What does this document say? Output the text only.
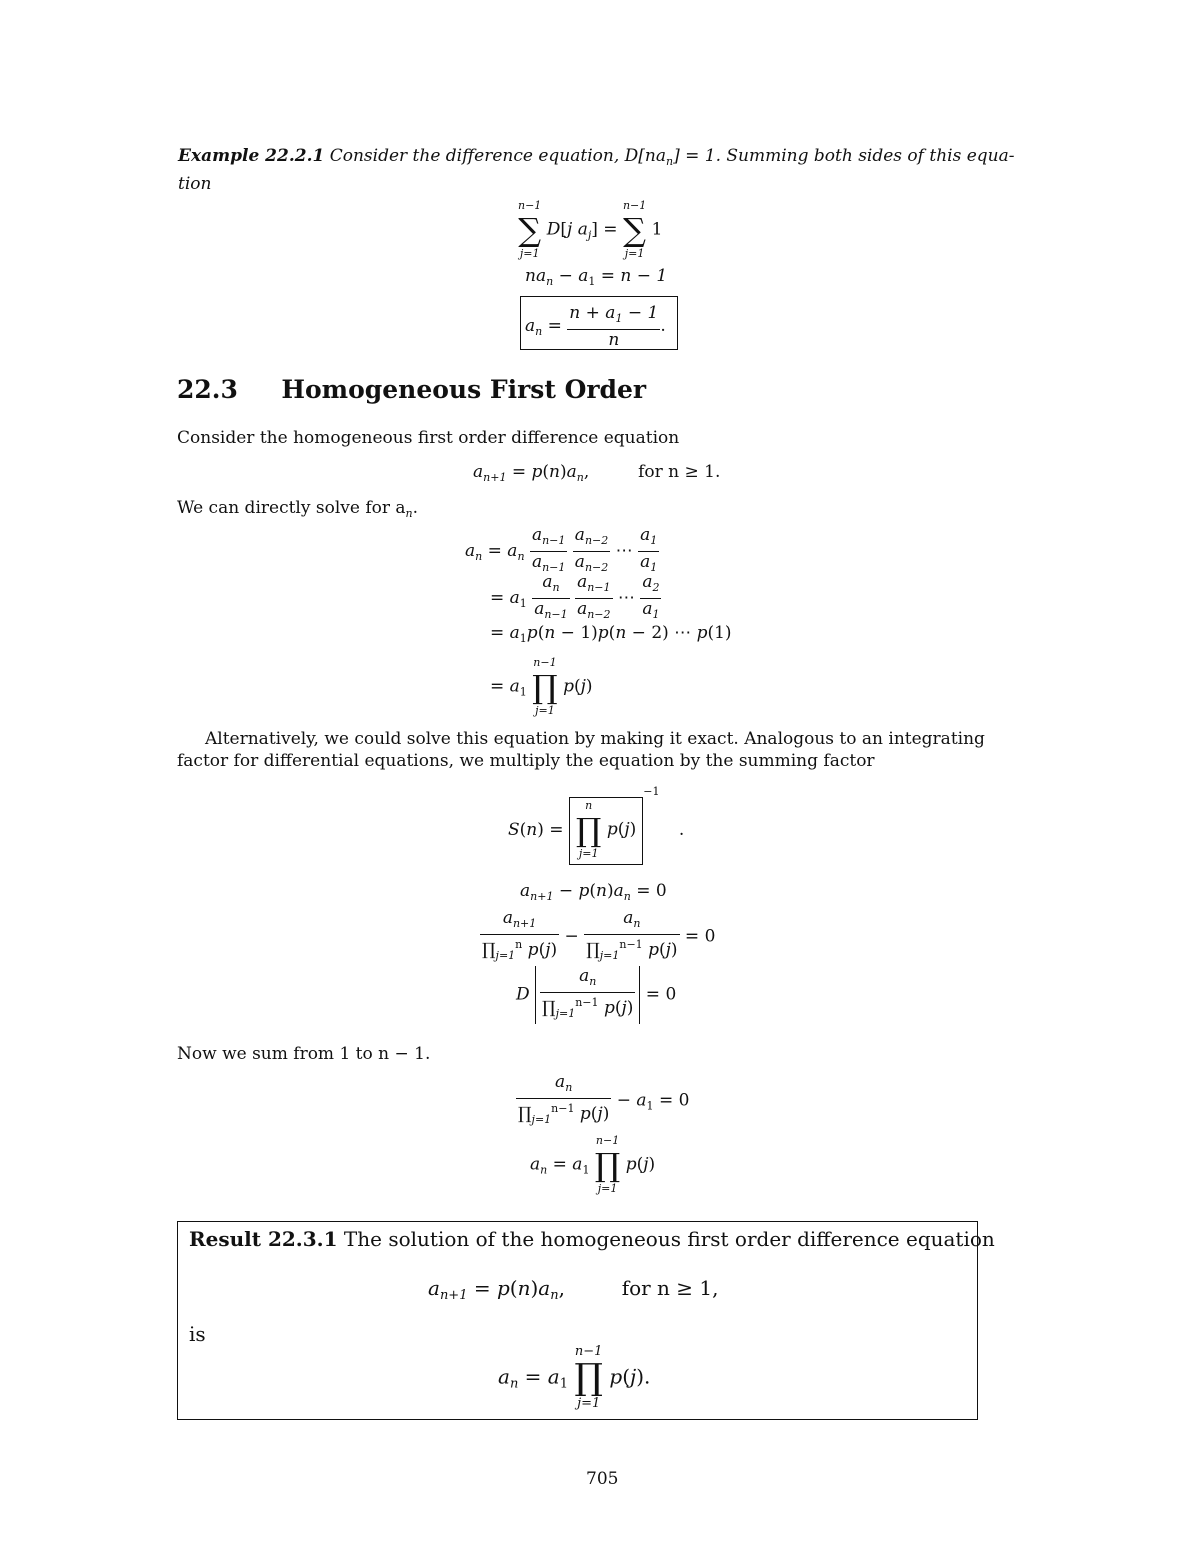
Example 22.2.1 Consider the difference equation, $D[na_n] = 1$. Summing both sides of this equa-
tion
n−1
∑
j=1
D[j $a_j$] =
n−1
∑
j=1
1
$na_n - a_1 = n - 1$
$a_n = \frac{n + a_1 - 1}{n}$ .
22.3 Homogeneous First Order
Consider the homogeneous first order difference equation
$a_{n+1} = p(n)a_n$,	for n ≥ 1.
We can directly solve for $a_n$.
$a_n = a_n \frac{a_{n-1}}{a_{n-1}}$
$\frac{a_{n-2}}{a_{n-2}}$ ⋯ $\frac{a_1}{a_1}$
= $a_1 \frac{a_n}{a_{n-1}}$
$\frac{a_{n-1}}{a_{n-2}}$ ⋯ $\frac{a_2}{a_1}$
= $a_1p(n - 1)p(n - 2)$ ⋯ p(1)
= $a_1$
n−1
∏
j=1
p(j)
Alternatively, we could solve this equation by making it exact. Analogous to an integrating
factor for differential equations, we multiply the equation by the summing factor
S(n) =
n
∏
j=1
$p(j)^{-1}$ .
$a_{n+1} - p(n)a_n = 0$
$\frac{a_{n+1}}{\prod_{j=1}^n p(j)} - \frac{a_n}{\prod_{j=1}^{n-1} p(j)} = 0$
D $\frac{a_n}{\prod_{j=1}^{n-1} p(j)} = 0$
Now we sum from 1 to n − 1.
$\frac{a_n}{\prod_{j=1}^{n-1} p(j)} - a_1 = 0$
$a_n = a_1$
n−1
∏
j=1
p(j)
Result 22.3.1 The solution of the homogeneous first order difference equation
$a_{n+1} = p(n)a_n$,	for n ≥ 1,
is
$a_n = a_1$
n−1
∏
j=1
p(j).
705
